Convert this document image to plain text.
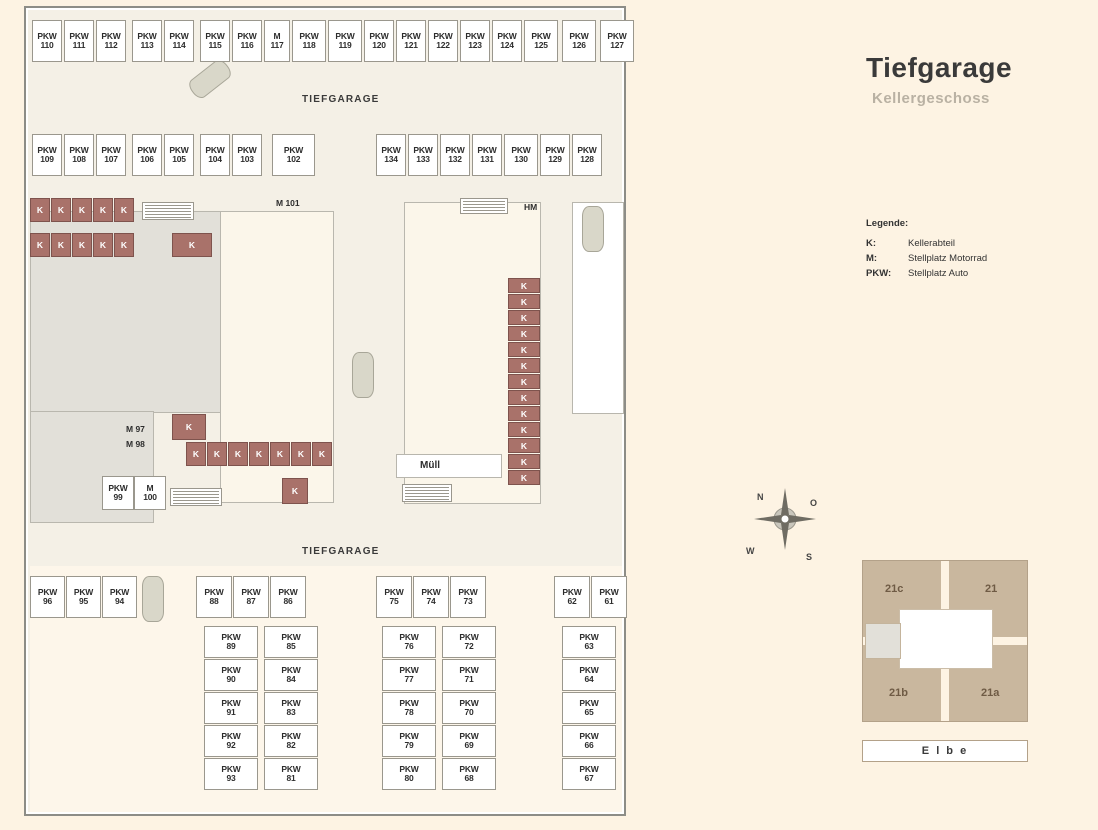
TIEFGARAGE
TIEFGARAGE
M 101	HM
M 97
M 98
Müll
PKW
110
PKW
111
PKW
112
PKW
113
PKW
114
PKW
115
PKW
116
M
117
PKW
118
PKW
119
PKW
120
PKW
121
PKW
122
PKW
123
PKW
124
PKW
125
PKW
126
PKW
127
PKW
109
PKW
108
PKW
107
PKW
106
PKW
105
PKW
104
PKW
103
PKW
102
PKW
134
PKW
133
PKW
132
PKW
131
PKW
130
PKW
129
PKW
128
K	K	K	K	K
K	K	K	K	K	K
K
K	K	K	K	K	K	K
K
K
K
K
K
K
K
K
K
K
K
K
K
K
PKW
96
PKW
95
PKW
94
PKW
99
M
100
PKW
88
PKW
87
PKW
86
PKW
75
PKW
74
PKW
73
PKW
62
PKW
61
PKW
89
PKW
90
PKW
91
PKW
92
PKW
93
PKW
85
PKW
84
PKW
83
PKW
82
PKW
81
PKW
76
PKW
77
PKW
78
PKW
79
PKW
80
PKW
72
PKW
71
PKW
70
PKW
69
PKW
68
PKW
63
PKW
64
PKW
65
PKW
66
PKW
67
Tiefgarage
Kellergeschoss
Legende:
K:	Kellerabteil
M:	Stellplatz Motorrad
PKW:	Stellplatz Auto
N
O
S
W
21c	21
21b	21a
E l b e
